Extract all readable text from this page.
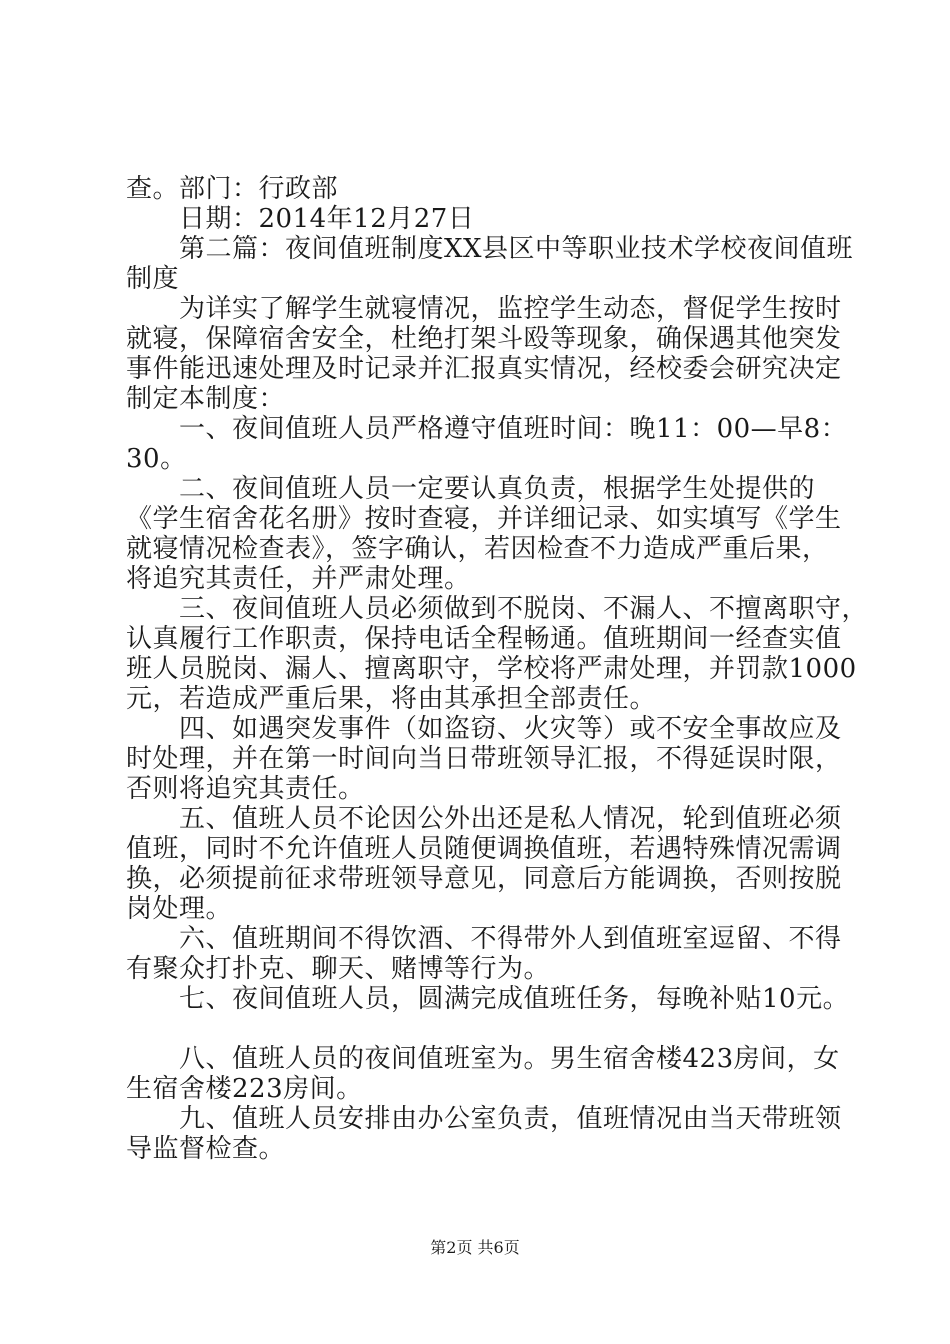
查。部门：行政部
　　日期：2014年12月27日
　　第二篇：夜间值班制度XX县区中等职业技术学校夜间值班
制度
　　为详实了解学生就寝情况，监控学生动态，督促学生按时
就寝，保障宿舍安全，杜绝打架斗殴等现象，确保遇其他突发
事件能迅速处理及时记录并汇报真实情况，经校委会研究决定
制定本制度：
　　一、夜间值班人员严格遵守值班时间：晚11：00—早8：
30。
　　二、夜间值班人员一定要认真负责，根据学生处提供的
《学生宿舍花名册》按时查寝，并详细记录、如实填写《学生
就寝情况检查表》，签字确认，若因检查不力造成严重后果，
将追究其责任，并严肃处理。
　　三、夜间值班人员必须做到不脱岗、不漏人、不擅离职守，
认真履行工作职责，保持电话全程畅通。值班期间一经查实值
班人员脱岗、漏人、擅离职守，学校将严肃处理，并罚款1000
元，若造成严重后果，将由其承担全部责任。
　　四、如遇突发事件（如盗窃、火灾等）或不安全事故应及
时处理，并在第一时间向当日带班领导汇报，不得延误时限，
否则将追究其责任。
　　五、值班人员不论因公外出还是私人情况，轮到值班必须
值班，同时不允许值班人员随便调换值班，若遇特殊情况需调
换，必须提前征求带班领导意见，同意后方能调换，否则按脱
岗处理。
　　六、值班期间不得饮酒、不得带外人到值班室逗留、不得
有聚众打扑克、聊天、赌博等行为。
　　七、夜间值班人员，圆满完成值班任务，每晚补贴10元。
　　八、值班人员的夜间值班室为。男生宿舍楼423房间，女
生宿舍楼223房间。
　　九、值班人员安排由办公室负责，值班情况由当天带班领
导监督检查。
第2页 共6页
